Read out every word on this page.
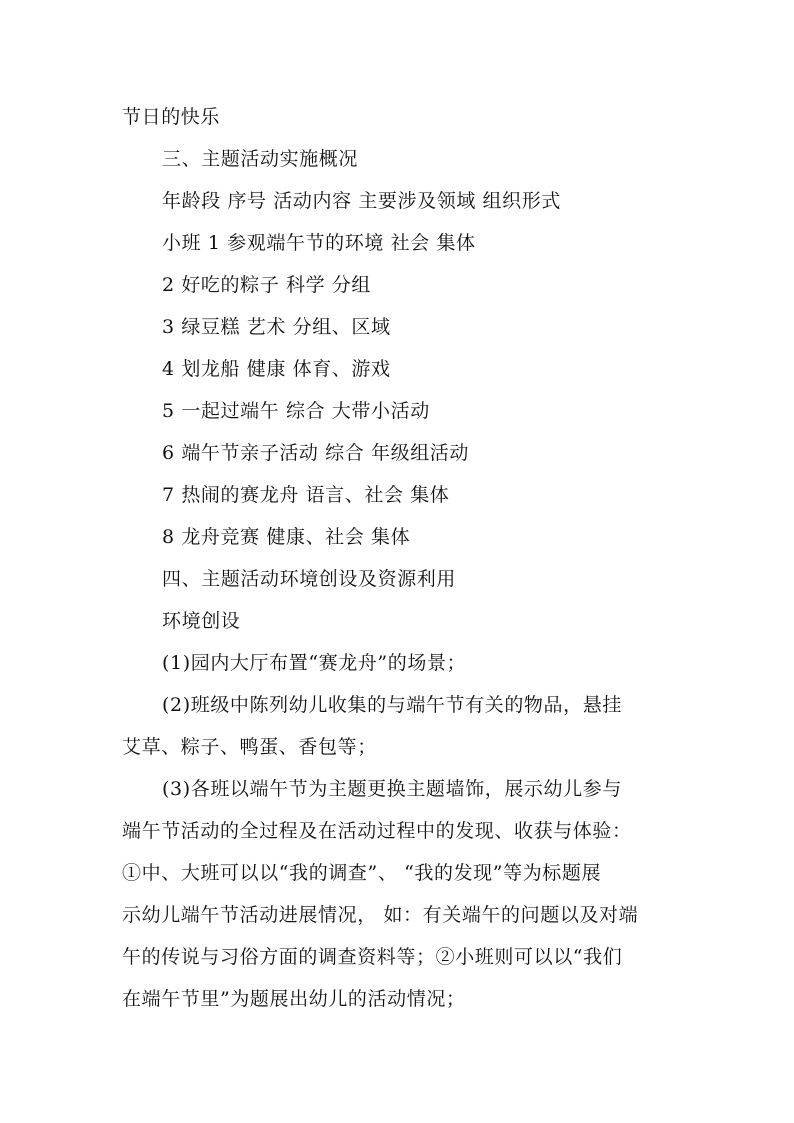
节日的快乐
三、主题活动实施概况
年龄段 序号 活动内容 主要涉及领域 组织形式
小班 1 参观端午节的环境 社会 集体
2 好吃的粽子 科学 分组
3 绿豆糕 艺术 分组、区域
4 划龙船 健康 体育、游戏
5 一起过端午 综合 大带小活动
6 端午节亲子活动 综合 年级组活动
7 热闹的赛龙舟 语言、社会 集体
8 龙舟竞赛 健康、社会 集体
四、主题活动环境创设及资源利用
环境创设
(1)园内大厅布置“赛龙舟”的场景；
(2)班级中陈列幼儿收集的与端午节有关的物品，悬挂
艾草、粽子、鸭蛋、香包等；
(3)各班以端午节为主题更换主题墙饰，展示幼儿参与
端午节活动的全过程及在活动过程中的发现、收获与体验：
①中、大班可以以“我的调查”、 “我的发现”等为标题展
示幼儿端午节活动进展情况， 如：有关端午的问题以及对端
午的传说与习俗方面的调查资料等；②小班则可以以“我们
在端午节里”为题展出幼儿的活动情况；
